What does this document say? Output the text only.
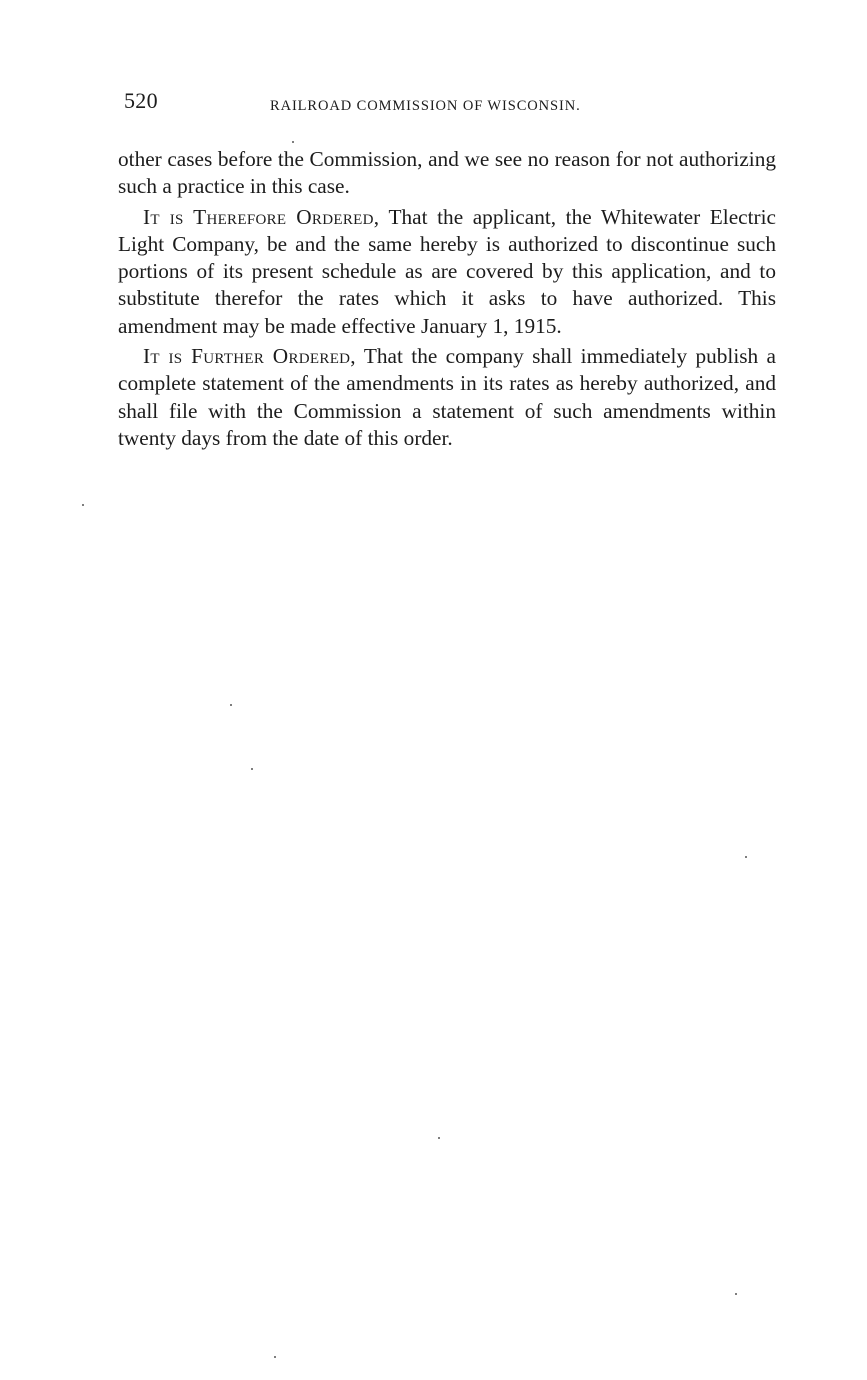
520	RAILROAD COMMISSION OF WISCONSIN.

other cases before the Commission, and we see no reason for not authorizing such a practice in this case.

It is Therefore Ordered, That the applicant, the Whitewater Electric Light Company, be and the same hereby is authorized to discontinue such portions of its present schedule as are covered by this application, and to substitute therefor the rates which it asks to have authorized. This amendment may be made effective January 1, 1915.

It is Further Ordered, That the company shall immediately publish a complete statement of the amendments in its rates as hereby authorized, and shall file with the Commission a statement of such amendments within twenty days from the date of this order.
